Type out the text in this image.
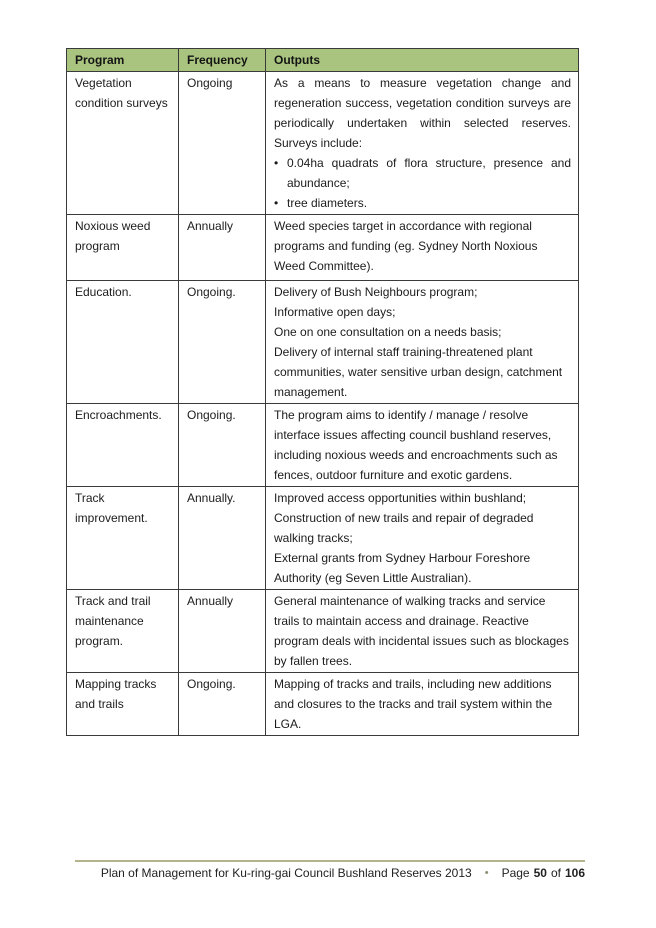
Program	Frequency	Outputs
Vegetation condition surveys	Ongoing	As a means to measure vegetation change and regeneration success, vegetation condition surveys are periodically undertaken within selected reserves. Surveys include:
• 0.04ha quadrats of flora structure, presence and abundance;
• tree diameters.

Noxious weed program	Annually	Weed species target in accordance with regional programs and funding (eg. Sydney North Noxious Weed Committee).

Education.	Ongoing.	Delivery of Bush Neighbours program;
Informative open days;
One on one consultation on a needs basis;
Delivery of internal staff training-threatened plant communities, water sensitive urban design, catchment management.

Encroachments.	Ongoing.	The program aims to identify / manage / resolve interface issues affecting council bushland reserves, including noxious weeds and encroachments such as fences, outdoor furniture and exotic gardens.

Track improvement.	Annually.	Improved access opportunities within bushland;
Construction of new trails and repair of degraded walking tracks;
External grants from Sydney Harbour Foreshore Authority (eg Seven Little Australian).

Track and trail maintenance program.	Annually	General maintenance of walking tracks and service trails to maintain access and drainage. Reactive program deals with incidental issues such as blockages by fallen trees.

Mapping tracks and trails	Ongoing.	Mapping of tracks and trails, including new additions and closures to the tracks and trail system within the LGA.
Plan of Management for Ku-ring-gai Council Bushland Reserves 2013 • Page 50 of 106
